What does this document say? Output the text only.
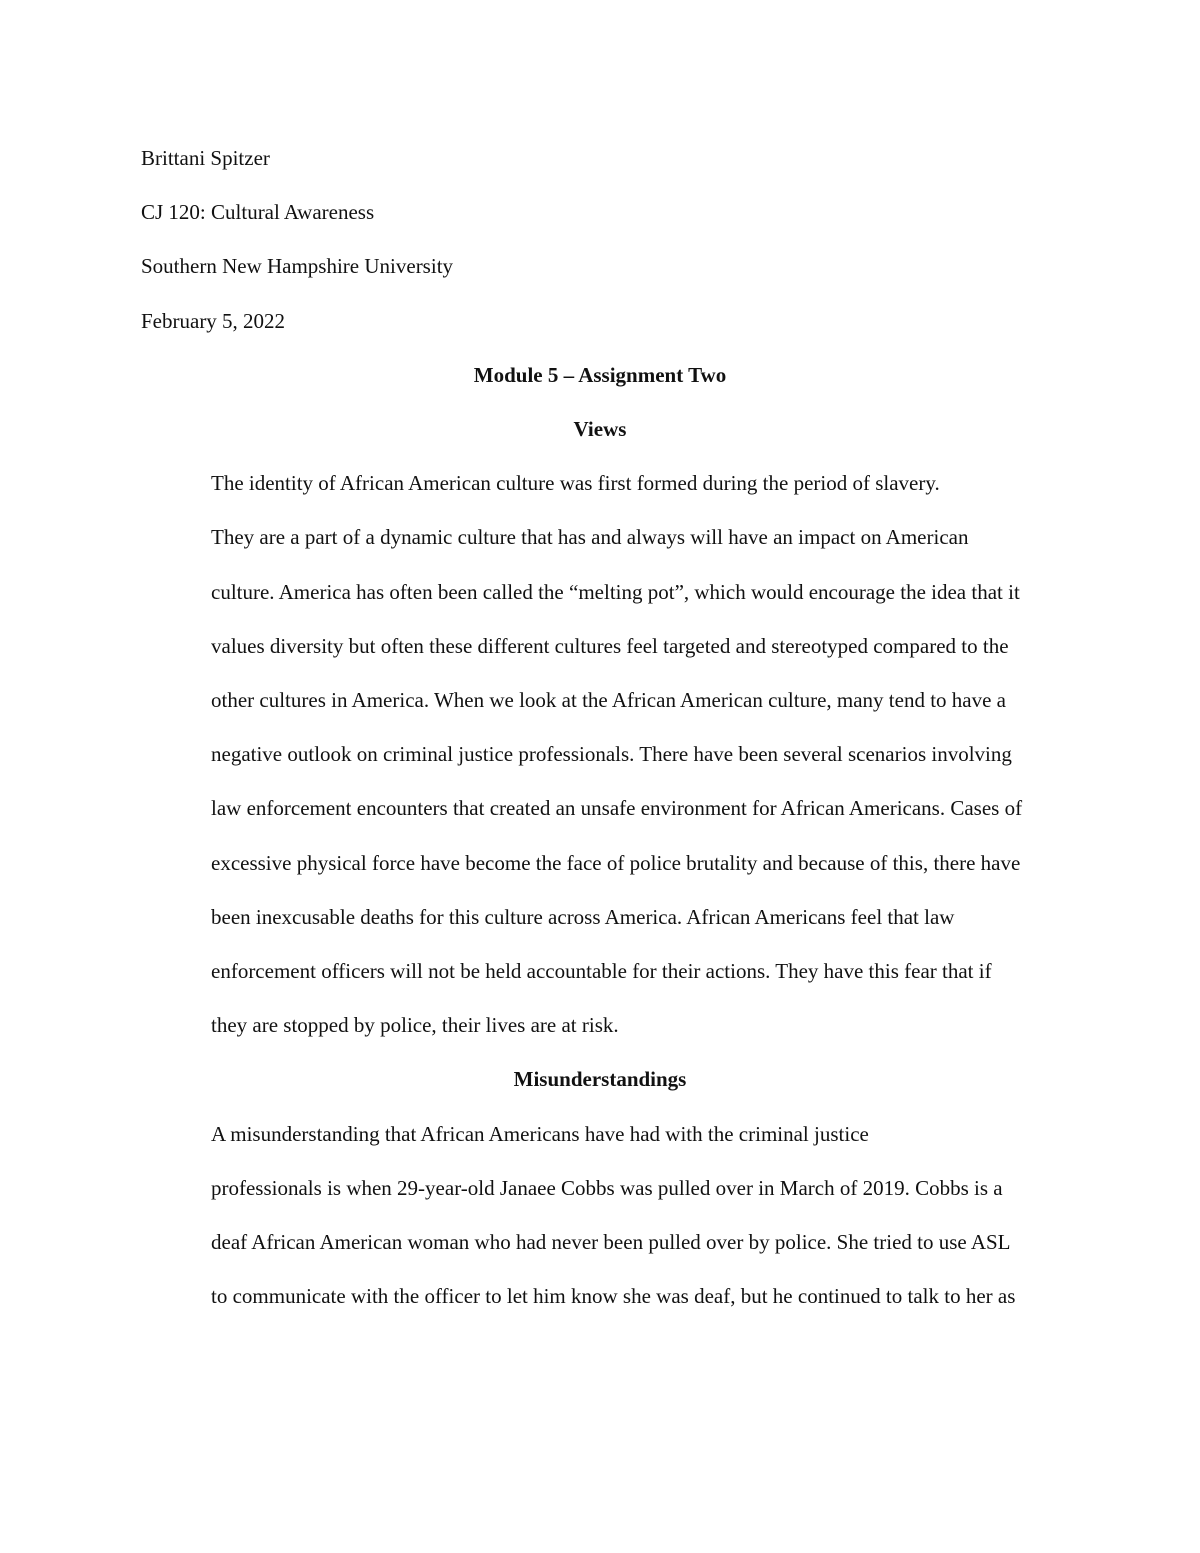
Brittani Spitzer

CJ 120: Cultural Awareness

Southern New Hampshire University

February 5, 2022

Module 5 – Assignment Two

Views

The identity of African American culture was first formed during the period of slavery.
They are a part of a dynamic culture that has and always will have an impact on American
culture. America has often been called the “melting pot”, which would encourage the idea that it
values diversity but often these different cultures feel targeted and stereotyped compared to the
other cultures in America. When we look at the African American culture, many tend to have a
negative outlook on criminal justice professionals. There have been several scenarios involving
law enforcement encounters that created an unsafe environment for African Americans. Cases of
excessive physical force have become the face of police brutality and because of this, there have
been inexcusable deaths for this culture across America. African Americans feel that law
enforcement officers will not be held accountable for their actions. They have this fear that if
they are stopped by police, their lives are at risk.

Misunderstandings

A misunderstanding that African Americans have had with the criminal justice
professionals is when 29-year-old Janaee Cobbs was pulled over in March of 2019. Cobbs is a
deaf African American woman who had never been pulled over by police. She tried to use ASL
to communicate with the officer to let him know she was deaf, but he continued to talk to her as
